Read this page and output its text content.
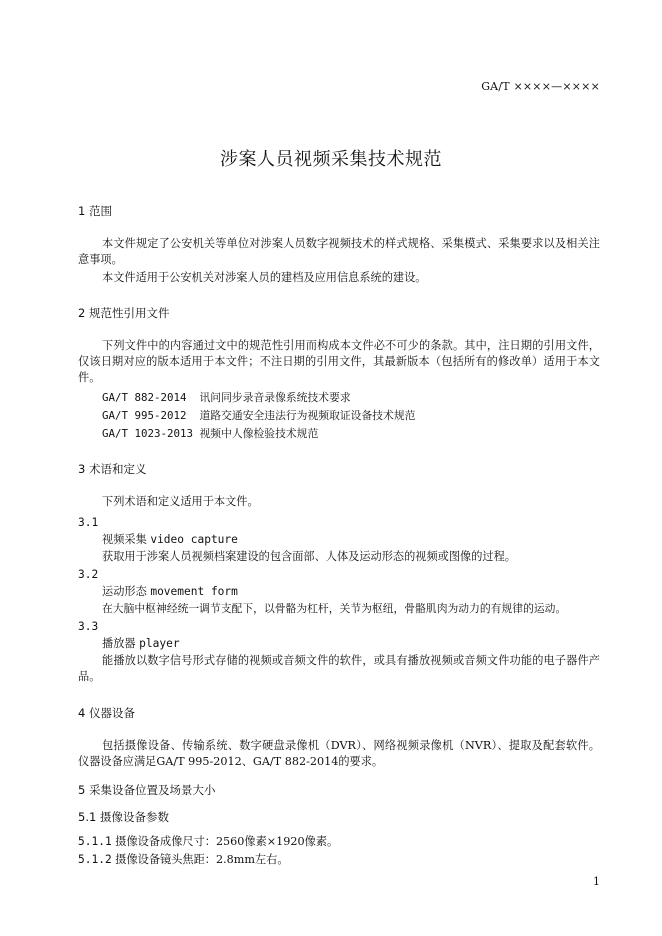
GA/T ××××—××××
涉案人员视频采集技术规范
1 范围
本文件规定了公安机关等单位对涉案人员数字视频技术的样式规格、采集模式、采集要求以及相关注意事项。
本文件适用于公安机关对涉案人员的建档及应用信息系统的建设。
2 规范性引用文件
下列文件中的内容通过文中的规范性引用而构成本文件必不可少的条款。其中，注日期的引用文件，仅该日期对应的版本适用于本文件；不注日期的引用文件，其最新版本（包括所有的修改单）适用于本文件。
GA/T 882-2014  讯问同步录音录像系统技术要求
GA/T 995-2012  道路交通安全违法行为视频取证设备技术规范
GA/T 1023-2013 视频中人像检验技术规范
3 术语和定义
下列术语和定义适用于本文件。
3.1
视频采集 video capture
获取用于涉案人员视频档案建设的包含面部、人体及运动形态的视频或图像的过程。
3.2
运动形态 movement form
在大脑中枢神经统一调节支配下，以骨骼为杠杆，关节为枢纽，骨骼肌肉为动力的有规律的运动。
3.3
播放器 player
能播放以数字信号形式存储的视频或音频文件的软件，或具有播放视频或音频文件功能的电子器件产品。
4 仪器设备
包括摄像设备、传输系统、数字硬盘录像机（DVR）、网络视频录像机（NVR）、提取及配套软件。仪器设备应满足GA/T 995-2012、GA/T 882-2014的要求。
5 采集设备位置及场景大小
5.1 摄像设备参数
5.1.1 摄像设备成像尺寸：2560像素×1920像素。
5.1.2 摄像设备镜头焦距：2.8mm左右。
1
